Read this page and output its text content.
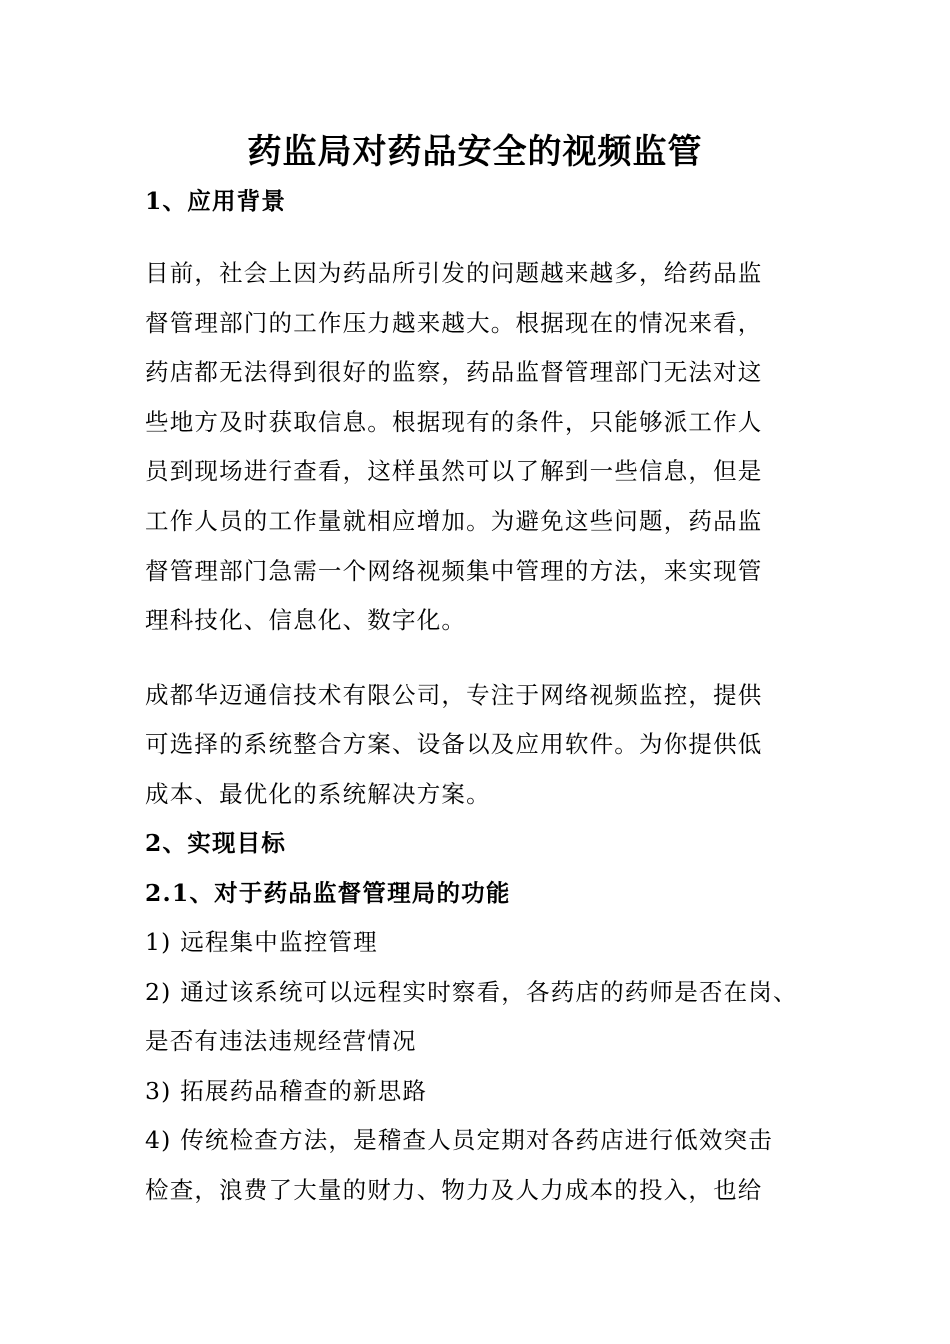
药监局对药品安全的视频监管

1、应用背景

目前，社会上因为药品所引发的问题越来越多，给药品监

督管理部门的工作压力越来越大。根据现在的情况来看，

药店都无法得到很好的监察，药品监督管理部门无法对这

些地方及时获取信息。根据现有的条件，只能够派工作人

员到现场进行查看，这样虽然可以了解到一些信息，但是

工作人员的工作量就相应增加。为避免这些问题，药品监

督管理部门急需一个网络视频集中管理的方法，来实现管

理科技化、信息化、数字化。

成都华迈通信技术有限公司，专注于网络视频监控，提供

可选择的系统整合方案、设备以及应用软件。为你提供低

成本、最优化的系统解决方案。

2、实现目标

2.1、对于药品监督管理局的功能

1) 远程集中监控管理

2) 通过该系统可以远程实时察看，各药店的药师是否在岗、

是否有违法违规经营情况

3) 拓展药品稽查的新思路

4) 传统检查方法，是稽查人员定期对各药店进行低效突击

检查，浪费了大量的财力、物力及人力成本的投入，也给
